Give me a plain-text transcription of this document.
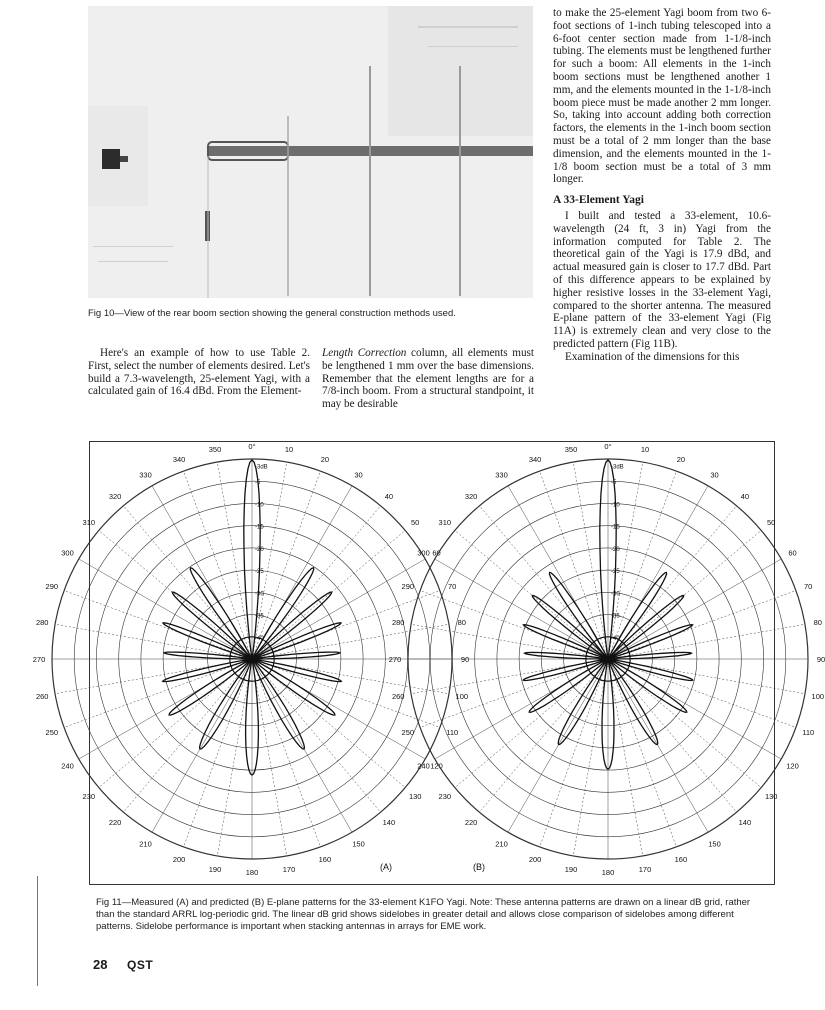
Fig 10—View of the rear boom section showing the general construction methods used.

Here's an example of how to use Table 2. First, select the number of elements desired. Let's build a 7.3-wavelength, 25-element Yagi, with a calculated gain of 16.4 dBd. From the Element-

Length Correction column, all elements must be lengthened 1 mm over the base dimensions. Remember that the element lengths are for a 7/8-inch boom. From a structural standpoint, it may be desirable

to make the 25-element Yagi boom from two 6-foot sections of 1-inch tubing telescoped into a 6-foot center section made from 1-1/8-inch tubing. The elements must be lengthened further for such a boom: All elements in the 1-inch boom sections must be lengthened another 1 mm, and the elements mounted in the 1-1/8-inch boom piece must be made another 2 mm longer. So, taking into account adding both correction factors, the elements in the 1-inch boom section must be a total of 2 mm longer than the base dimension, and the elements mounted in the 1-1/8 boom section must be a total of 3 mm longer.

A 33-Element Yagi

I built and tested a 33-element, 10.6-wavelength (24 ft, 3 in) Yagi from the information computed for Table 2. The theoretical gain of the Yagi is 17.9 dBd, and actual measured gain is closer to 17.7 dBd. Part of this difference appears to be explained by higher resistive losses in the 33-element Yagi, compared to the shorter antenna. The measured E-plane pattern of the 33-element Yagi (Fig 11A) is extremely clean and very close to the predicted pattern (Fig 11B).

Examination of the dimensions for this

0°	10
20
30
40
50
60
70
80
90
100
110
120
130
140
150
160
170
180
190
200
210
220
230
240
250
260
270
280
290
300
310
320
330
340
350
-3dB
-5
-10
-15
-20
-25
-30
-35
-40
0°	10
20
30
40
50
60
70
80
90
100
110
120
130
140
150
160
170
180
190
200
210
220
230
240
250
260
270
280
290
300
310
320
330
340
350
-3dB
-5
-10
-15
-20
-25
-30
-35
-40
(A)	(B)
Fig 11—Measured (A) and predicted (B) E-plane patterns for the 33-element K1FO Yagi. Note: These antenna patterns are drawn on a linear dB grid, rather than the standard ARRL log-periodic grid. The linear dB grid shows sidelobes in greater detail and allows close comparison of sidelobes among different patterns. Sidelobe performance is important when stacking antennas in arrays for EME work.
28 QST
